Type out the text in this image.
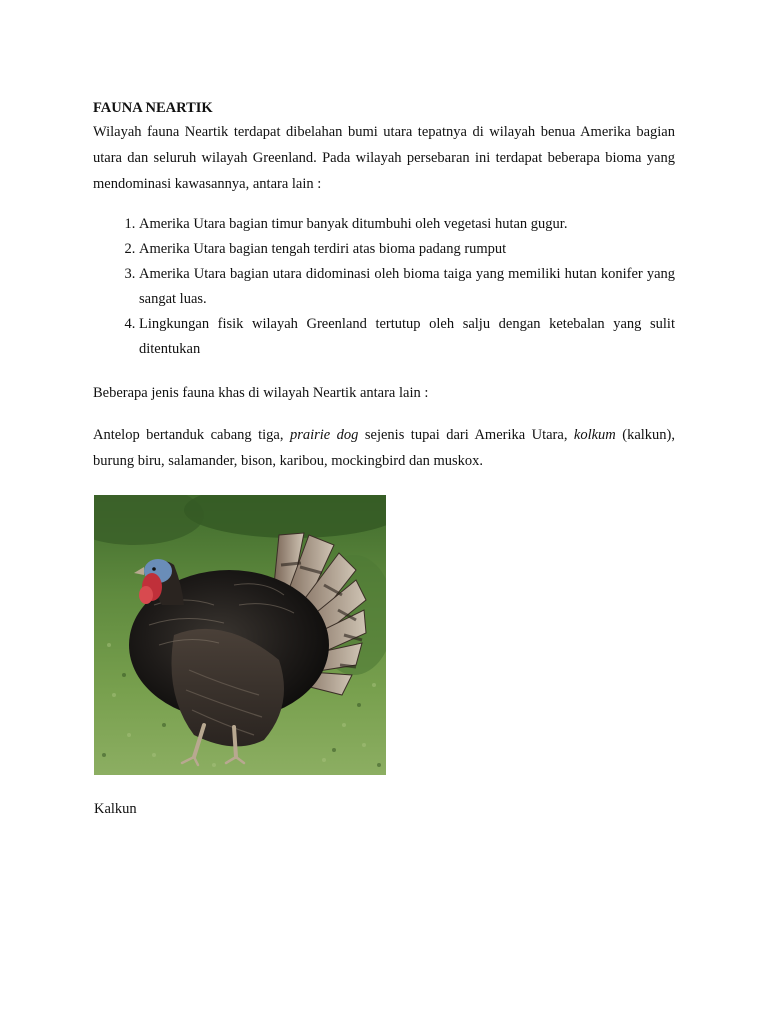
FAUNA NEARTIK

Wilayah fauna Neartik terdapat dibelahan bumi utara tepatnya di wilayah benua Amerika bagian utara dan seluruh wilayah Greenland. Pada wilayah persebaran ini terdapat beberapa bioma yang mendominasi kawasannya, antara lain :

1. Amerika Utara bagian timur banyak ditumbuhi oleh vegetasi hutan gugur.
2. Amerika Utara bagian tengah terdiri atas bioma padang rumput
3. Amerika Utara bagian utara didominasi oleh bioma taiga yang memiliki hutan konifer yang sangat luas.
4. Lingkungan fisik wilayah Greenland tertutup oleh salju dengan ketebalan yang sulit ditentukan

Beberapa jenis fauna khas di wilayah Neartik antara lain :

Antelop bertanduk cabang tiga, prairie dog sejenis tupai dari Amerika Utara, kolkum (kalkun), burung biru, salamander, bison, karibou, mockingbird dan muskox.

Kalkun
